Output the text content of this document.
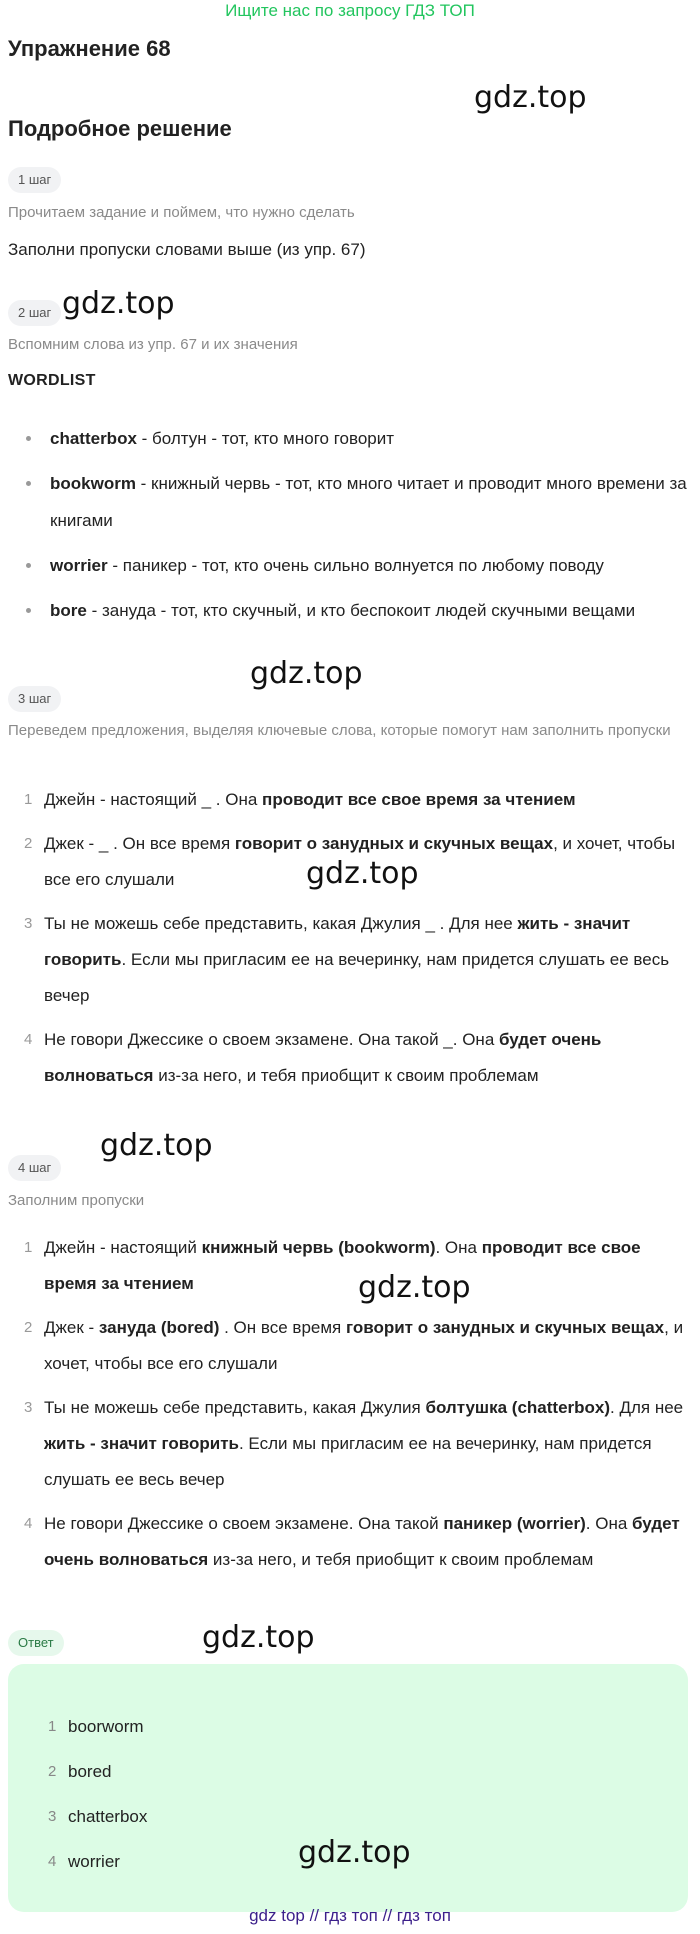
Ищите нас по запросу ГДЗ ТОП
Упражнение 68
gdz.top
Подробное решение
1 шаг
Прочитаем задание и поймем, что нужно сделать
Заполни пропуски словами выше (из упр. 67)
2 шаг gdz.top
Вспомним слова из упр. 67 и их значения
WORDLIST
chatterbox - болтун - тот, кто много говорит
bookworm - книжный червь - тот, кто много читает и проводит много времени за книгами
worrier - паникер - тот, кто очень сильно волнуется по любому поводу
bore - зануда - тот, кто скучный, и кто беспокоит людей скучными вещами
gdz.top
3 шаг
Переведем предложения, выделяя ключевые слова, которые помогут нам заполнить пропуски
1 Джейн - настоящий _ . Она проводит все свое время за чтением
2 Джек - _ . Он все время говорит о занудных и скучных вещах, и хочет, чтобы все его слушали
3 Ты не можешь себе представить, какая Джулия _ . Для нее жить - значит говорить. Если мы пригласим ее на вечеринку, нам придется слушать ее весь вечер
4 Не говори Джессике о своем экзамене. Она такой _. Она будет очень волноваться из-за него, и тебя приобщит к своим проблемам
gdz.top
gdz.top
4 шаг
Заполним пропуски
1 Джейн - настоящий книжный червь (bookworm). Она проводит все свое время за чтением
2 Джек - зануда (bored) . Он все время говорит о занудных и скучных вещах, и хочет, чтобы все его слушали
3 Ты не можешь себе представить, какая Джулия болтушка (chatterbox). Для нее жить - значит говорить. Если мы пригласим ее на вечеринку, нам придется слушать ее весь вечер
4 Не говори Джессике о своем экзамене. Она такой паникер (worrier). Она будет очень волноваться из-за него, и тебя приобщит к своим проблемам
gdz.top
Ответ	gdz.top
1 boorworm
2 bored
3 chatterbox
4 worrier	gdz.top
gdz top // гдз топ // гдз топ
